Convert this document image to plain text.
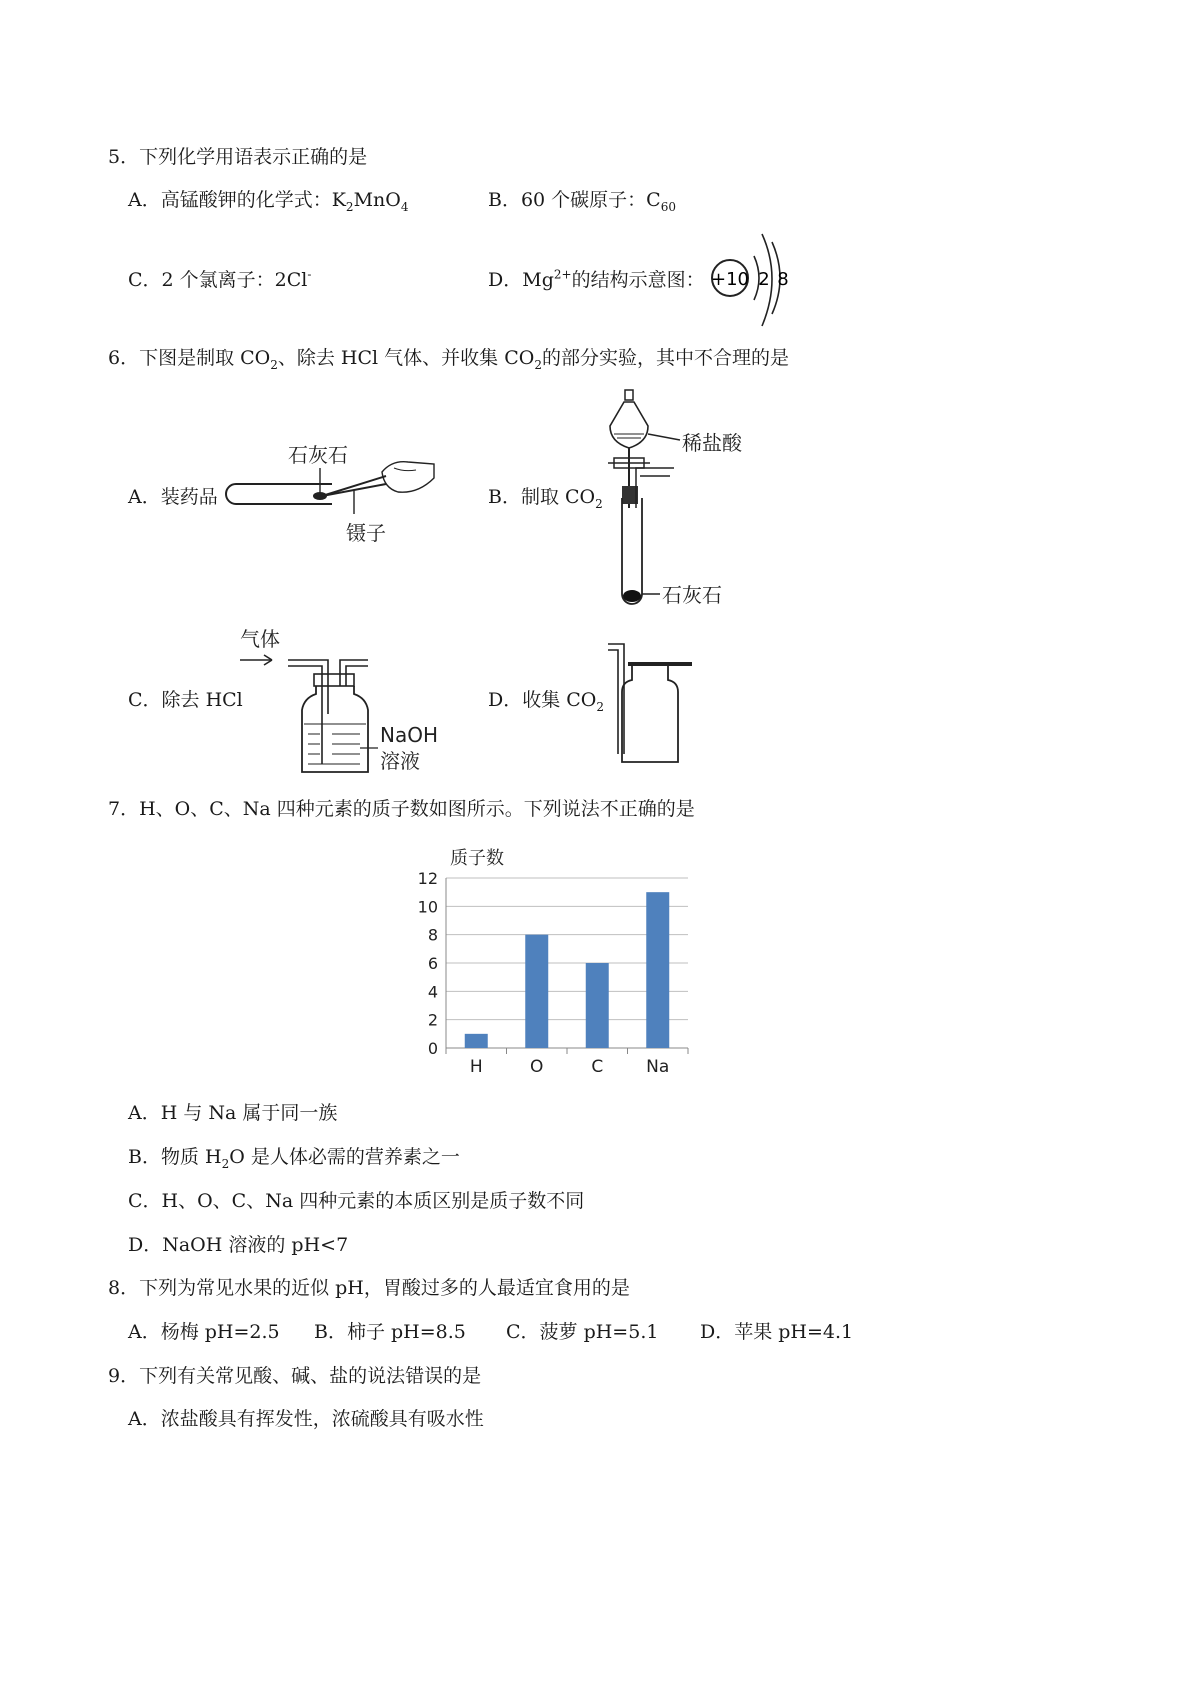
5．下列化学用语表示正确的是
A．高锰酸钾的化学式：$K_2MnO_4$	B．60 个碳原子：$C_{60}$
C．2 个氯离子：2Cl-	D．$Mg^{2+}$的结构示意图： +10 2 8
6．下图是制取 $CO_2$、除去 HCl 气体、并收集 $CO_2$的部分实验，其中不合理的是
A．装药品	B．制取 $CO_2$
C．除去 HCl	D．收集 $CO_2$
石灰石
镊子
稀盐酸
石灰石
气体
NaOH
溶液
7．H、O、C、Na 四种元素的质子数如图所示。下列说法不正确的是
质子数
0
2
4
6
8
10
12
H	O	C	Na
A．H 与 Na 属于同一族
B．物质 $H_2O$ 是人体必需的营养素之一
C．H、O、C、Na 四种元素的本质区别是质子数不同
D．NaOH 溶液的 pH<7
8．下列为常见水果的近似 pH，胃酸过多的人最适宜食用的是
A．杨梅 pH=2.5 B．柿子 pH=8.5 C．菠萝 pH=5.1 D．苹果 pH=4.1
9．下列有关常见酸、碱、盐的说法错误的是
A．浓盐酸具有挥发性，浓硫酸具有吸水性
